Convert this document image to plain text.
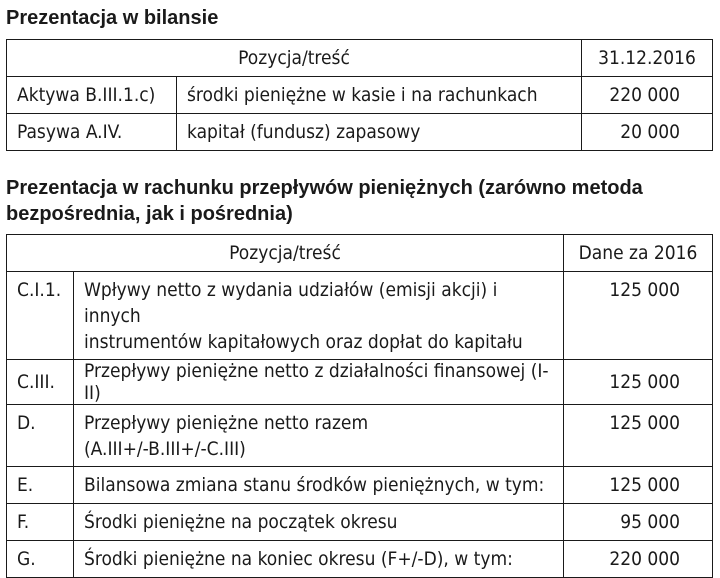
Prezentacja w bilansie
Pozycja/treść		31.12.2016
Aktywa B.III.1.c)	środki pieniężne w kasie i na rachunkach	220 000
Pasywa A.IV.	kapitał (fundusz) zapasowy	20 000
Prezentacja w rachunku przepływów pieniężnych (zarówno metoda bezpośrednia, jak i pośrednia)
Pozycja/treść		Dane za 2016
C.I.1.	Wpływy netto z wydania udziałów (emisji akcji) i innych
instrumentów kapitałowych oraz dopłat do kapitału	125 000
C.III.	Przepływy pieniężne netto z działalności finansowej (I-II)	125 000
D.	Przepływy pieniężne netto razem
(A.III+/-B.III+/-C.III)	125 000
E.	Bilansowa zmiana stanu środków pieniężnych, w tym:	125 000
F.	Środki pieniężne na początek okresu	95 000
G.	Środki pieniężne na koniec okresu (F+/-D), w tym:	220 000
